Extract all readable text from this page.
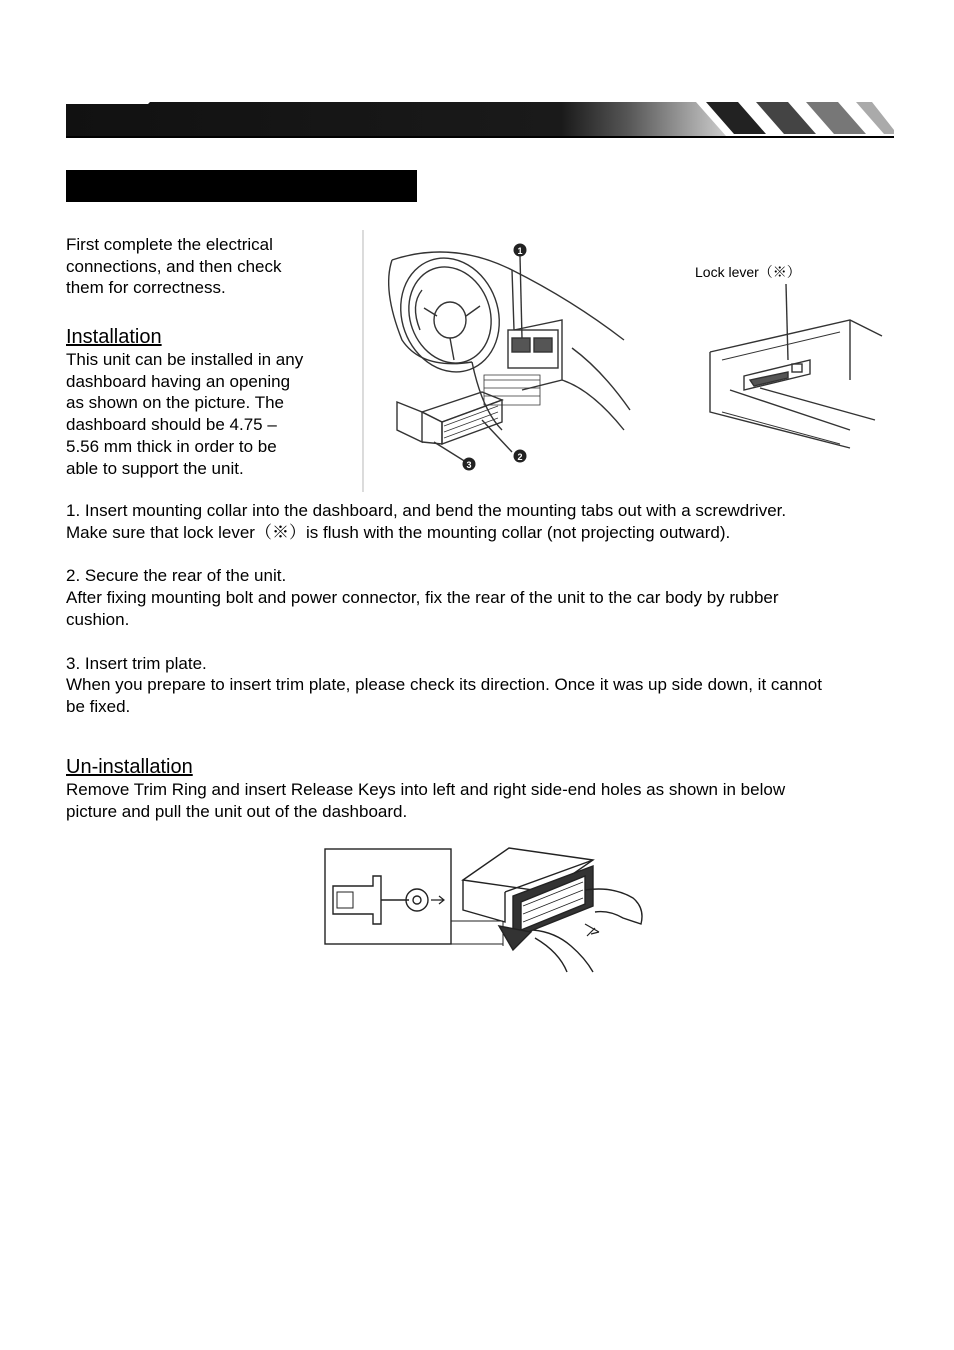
First complete the electrical
connections, and then check
them for correctness.
Installation
This unit can be installed in any
dashboard having an opening
as shown on the picture. The
dashboard should be 4.75 –
5.56 mm thick in order to be
able to support the unit.
1
2
3
Lock lever（※）
1. Insert mounting collar into the dashboard, and bend the mounting tabs out with a screwdriver.
Make sure that lock lever（※）is flush with the mounting collar (not projecting outward).
2. Secure the rear of the unit.
After fixing mounting bolt and power connector, fix the rear of the unit to the car body by rubber
cushion.
3. Insert trim plate.
When you prepare to insert trim plate, please check its direction. Once it was up side down, it cannot
be fixed.
Un-installation
Remove Trim Ring and insert Release Keys into left and right side-end holes as shown in below
picture and pull the unit out of the dashboard.
